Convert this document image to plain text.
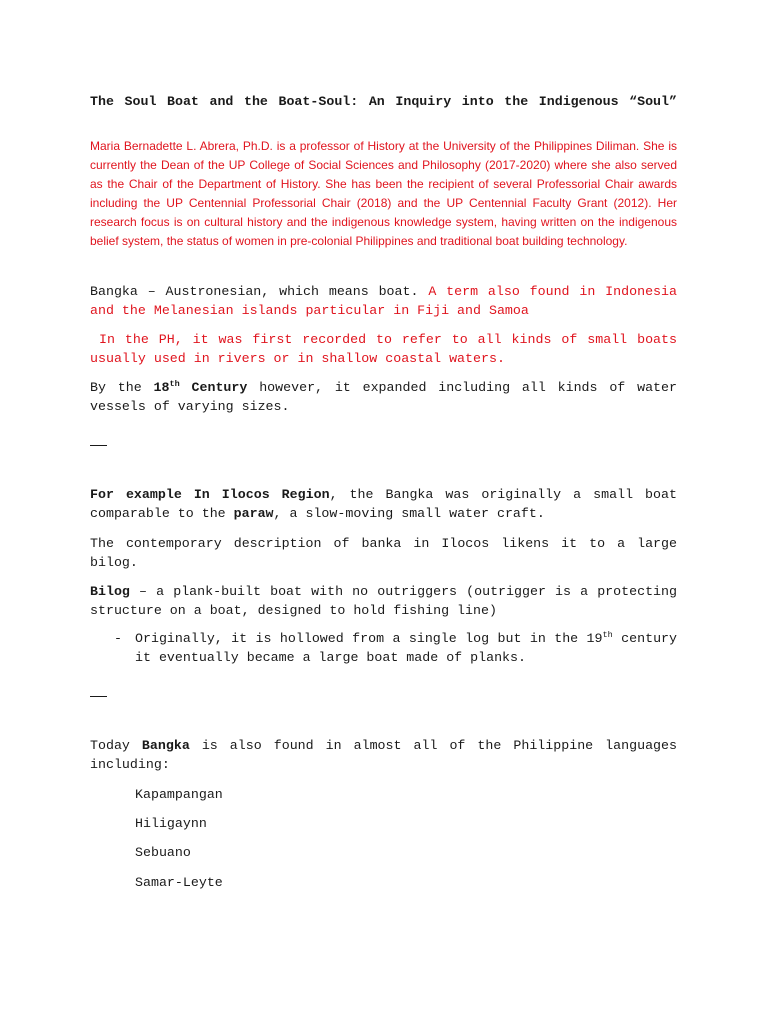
The Soul Boat and the Boat-Soul: An Inquiry into the Indigenous “Soul”

Maria Bernadette L. Abrera, Ph.D. is a professor of History at the University of the Philippines Diliman. She is currently the Dean of the UP College of Social Sciences and Philosophy (2017-2020) where she also served as the Chair of the Department of History. She has been the recipient of several Professorial Chair awards including the UP Centennial Professorial Chair (2018) and the UP Centennial Faculty Grant (2012). Her research focus is on cultural history and the indigenous knowledge system, having written on the indigenous belief system, the status of women in pre-colonial Philippines and traditional boat building technology.

Bangka – Austronesian, which means boat. A term also found in Indonesia and the Melanesian islands particular in Fiji and Samoa

In the PH, it was first recorded to refer to all kinds of small boats usually used in rivers or in shallow coastal waters.

By the 18th Century however, it expanded including all kinds of water vessels of varying sizes.

For example In Ilocos Region, the Bangka was originally a small boat comparable to the paraw, a slow-moving small water craft.

The contemporary description of banka in Ilocos likens it to a large bilog.

Bilog – a plank-built boat with no outriggers (outrigger is a protecting structure on a boat, designed to hold fishing line)

- Originally, it is hollowed from a single log but in the 19th century it eventually became a large boat made of planks.

Today Bangka is also found in almost all of the Philippine languages including:

Kapampangan
Hiligaynn
Sebuano
Samar-Leyte
